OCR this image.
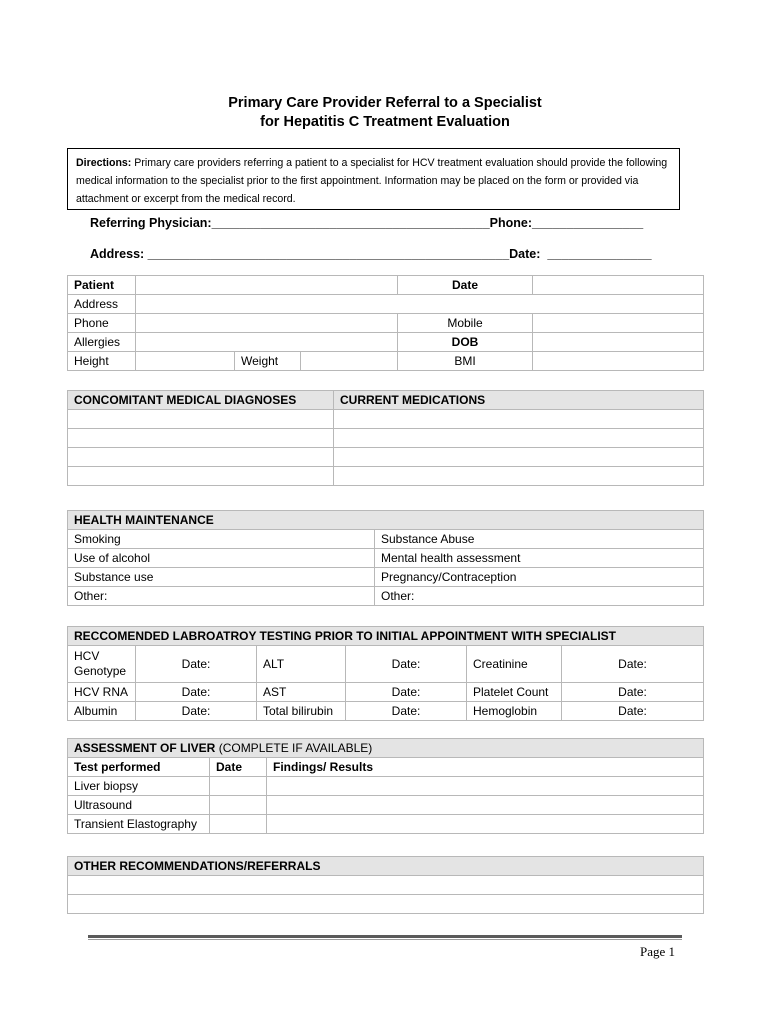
Primary Care Provider Referral to a Specialist
for Hepatitis C Treatment Evaluation
Directions: Primary care providers referring a patient to a specialist for HCV treatment evaluation should provide the following medical information to the specialist prior to the first appointment. Information may be placed on the form or provided via attachment or excerpt from the medical record.
Referring Physician:________________________________________Phone:________________
Address: ____________________________________________________Date:  _______________
Patient				Date	
Address					
Phone				Mobile	
Allergies				DOB	
Height		Weight		BMI	
CONCOMITANT MEDICAL DIAGNOSES	CURRENT MEDICATIONS

HEALTH MAINTENANCE	
Smoking	Substance Abuse
Use of alcohol	Mental health assessment
Substance use	Pregnancy/Contraception
Other:	Other:
RECCOMENDED LABROATROY TESTING PRIOR TO INITIAL APPOINTMENT WITH SPECIALIST					
HCV
Genotype	Date:	ALT	Date:	Creatinine	Date:
HCV RNA	Date:	AST	Date:	Platelet Count	Date:
Albumin	Date:	Total bilirubin	Date:	Hemoglobin	Date:
ASSESSMENT OF LIVER (COMPLETE IF AVAILABLE)		
Test performed	Date	Findings/ Results
Liver biopsy		
Ultrasound		
Transient Elastography		
OTHER RECOMMENDATIONS/REFERRALS

Page 1
